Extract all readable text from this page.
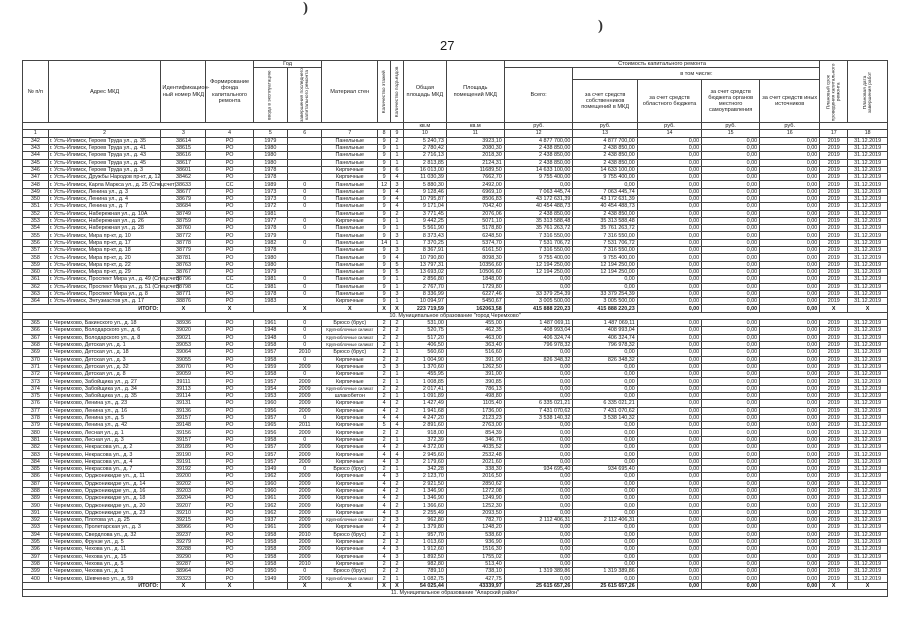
)
)
27
№ п/п	Адрес МКД	Идентификацион-ный номер МКД	Формирование фонда капитального ремонта	Год		Материал стен	Количество этажей	Количество подъездов	Общая площадь МКД	Площадь помещений МКД	Стоимость капитального ремонта					Плановый срок проведения капитального ремонта	Плановая дата завершения работ
				ввода в эксплуатацию	завершения последнего капитального ремонта						Всего:	в том числе:					
												за счет средств собственников помещений в МКД	за счет средств областного бюджета	за счет средств бюджета органов местного самоуправления	за счет средств иных источников		
									кв.м	кв.м	руб.	руб.	руб.	руб.	руб.		
1	2	3	4	5	6	7	8	9	10	11	12	13	14	15	16	17	18
342	г. Усть-Илимск, Героев Труда ул., д. 35	38614	РО	1979		Панельные	9	2	5 240,73	3923,10	4 877 700,00	4 877 700,00	0,00	0,00	0,00	2019	31.12.2019
343	г. Усть-Илимск, Героев Труда ул., д. 41	38615	РО	1980		Панельные	9	1	2 780,42	2080,30	2 438 850,00	2 438 850,00	0,00	0,00	0,00	2019	31.12.2019
344	г. Усть-Илимск, Героев Труда ул., д. 43	38616	РО	1980		Панельные	9	1	2 716,13	2018,30	2 438 850,00	2 438 850,00	0,00	0,00	0,00	2019	31.12.2019
345	г. Усть-Илимск, Героев Труда ул., д. 45	38617	РО	1980		Панельные	9	1	2 813,85	2124,31	2 438 850,00	2 438 850,00	0,00	0,00	0,00	2019	31.12.2019
346	г. Усть-Илимск, Героев Труда ул., д. 3	38601	РО	1978		Кирпичные	9	6	16 013,00	11689,50	14 633 100,00	14 633 100,00	0,00	0,00	0,00	2019	31.12.2019
347	г. Усть-Илимск, Дружбы Народов пр-кт, д. 12	38462	РО	1978		Кирпичные	9	4	11 030,39	7662,70	9 755 400,00	9 755 400,00	0,00	0,00	0,00	2019	31.12.2019
348	г. Усть-Илимск, Карла Маркса ул., д. 25 (Спецсчет)	38633	СС	1989	0	Панельные	12	3	5 880,30	2492,00	0,00	0,00	0,00	0,00	0,00	2019	31.12.2019
349	г. Усть-Илимск, Ленина ул., д. 3	38677	РО	1973	0	Панельные	9	4	9 128,46	6969,10	7 063 445,74	7 063 445,74	0,00	0,00	0,00	2019	31.12.2019
350	г. Усть-Илимск, Ленина ул., д. 4	38679	РО	1973	0	Панельные	9	4	10 795,87	8506,83	43 172 631,39	43 172 631,39	0,00	0,00	0,00	2019	31.12.2019
351	г. Усть-Илимск, Ленина ул., д. 7	38684	РО	1972	0	Панельные	9	4	9 171,04	7042,40	40 454 488,73	40 454 488,73	0,00	0,00	0,00	2019	31.12.2019
352	г. Усть-Илимск, Набережная ул., д. 10А	38749	РО	1981		Панельные	9	2	3 771,45	2076,06	2 438 850,00	2 438 850,00	0,00	0,00	0,00	2019	31.12.2019
353	г. Усть-Илимск, Набережная ул., д. 26	38759	РО	1977	0	Кирпичные	9	1	9 442,25	5071,10	35 313 588,48	35 313 588,48	0,00	0,00	0,00	2019	31.12.2019
354	г. Усть-Илимск, Набережная ул., д. 28	38760	РО	1978	0	Панельные	9	1	5 561,90	5178,80	35 761 263,72	35 761 263,72	0,00	0,00	0,00	2019	31.12.2019
355	г. Усть-Илимск, Мира пр-кт, д. 10	38772	РО	1979		Панельные	9	3	8 373,43	6248,50	7 316 550,00	7 316 550,00	0,00	0,00	0,00	2019	31.12.2019
356	г. Усть-Илимск, Мира пр-кт, д. 17	38778	РО	1982	0	Панельные	14	1	7 370,25	5374,70	7 531 706,72	7 531 706,72	0,00	0,00	0,00	2019	31.12.2019
357	г. Усть-Илимск, Мира пр-кт, д. 18	38779	РО	1978		Панельные	9	3	8 367,91	6161,50	7 316 550,00	7 316 550,00	0,00	0,00	0,00	2019	31.12.2019
358	г. Усть-Илимск, Мира пр-кт, д. 20	38781	РО	1980		Панельные	9	4	10 790,80	8098,30	9 755 400,00	9 755 400,00	0,00	0,00	0,00	2019	31.12.2019
359	г. Усть-Илимск, Мира пр-кт, д. 22	38763	РО	1980		Панельные	9	5	13 797,31	10356,60	12 194 250,00	12 194 250,00	0,00	0,00	0,00	2019	31.12.2019
360	г. Усть-Илимск, Мира пр-кт, д. 29	38767	РО	1979		Панельные	9	5	13 693,02	10506,60	12 194 250,00	12 194 250,00	0,00	0,00	0,00	2019	31.12.2019
361	г. Усть-Илимск, Проспект Мира ул., д. 49 (Спецсчет)	38796	СС	1981	0	Панельные	9	1	2 856,80	1848,00	0,00	0,00	0,00	0,00	0,00	2019	31.12.2019
362	г. Усть-Илимск, Проспект Мира ул., д. 51 (Спецсчет)	38798	СС	1981	0	Панельные	9	1	2 767,70	1729,80	0,00	0,00	0,00	0,00	0,00	2019	31.12.2019
363	г. Усть-Илимск, Проспект Мира ул., д. 8	38771	РО	1978	0	Панельные	9	3	8 336,99	6227,46	33 379 254,39	33 379 254,39	0,00	0,00	0,00	2019	31.12.2019
364	г. Усть-Илимск, Энтузиастов ул., д. 17	38876	РО	1983		Кирпичные	9	1	10 094,97	5450,67	3 005 500,00	3 005 500,00	0,00	0,00	0,00	2019	31.12.2019
ИТОГО:		X	X		X	X	X	X	223 719,59	162063,58	415 888 220,23	415 888 220,23	0,00	0,00	0,00	X	X
10. Муниципальное образование "город Черемхово"																	
365	г. Черемхово, Бакинского ул., д. 18	38936	РО	1961	0	Брюсо (брус)	2	2	531,00	455,00	1 487 069,11	1 487 069,11	0,00	0,00	0,00	2019	31.12.2019
366	г. Черемхово, Володарского ул., д. 6	39020	РО	1948	0	Крупноблочные силикат	2	2	520,75	462,35	408 993,04	408 993,04	0,00	0,00	0,00	2019	31.12.2019
367	г. Черемхово, Володарского ул., д. 8	39021	РО	1948	0	Крупноблочные силикат	2	2	517,20	463,00	406 324,74	406 324,74	0,00	0,00	0,00	2019	31.12.2019
368	г. Черемхово, Детская ул., д. 1	39053	РО	1958	0	Крупноблочные силикат	2	1	406,50	363,40	796 978,32	796 978,32	0,00	0,00	0,00	2019	31.12.2019
369	г. Черемхово, Детская ул., д. 18	39064	РО	1957	2010	Брюсо (брус)	2	1	560,60	516,60	0,00	0,00	0,00	0,00	0,00	2019	31.12.2019
370	г. Черемхово, Детская ул., д. 3	39055	РО	1958	0	Кирпичные	2	2	1 004,90	391,90	826 348,32	826 348,32	0,00	0,00	0,00	2019	31.12.2019
371	г. Черемхово, Детская ул., д. 32	39070	РО	1959	2009	Кирпичные	3	3	1 370,60	1262,50	0,00	0,00	0,00	0,00	0,00	2019	31.12.2019
372	г. Черемхово, Детская ул., д. 8	39059	РО	1958	0	Кирпичные	2	1	455,95	391,00	0,00	0,00	0,00	0,00	0,00	2019	31.12.2019
373	г. Черемхово, Забойщика ул., д. 27	39111	РО	1957	2009	Кирпичные	2	1	1 008,85	390,85	0,00	0,00	0,00	0,00	0,00	2019	31.12.2019
374	г. Черемхово, Забойщика ул., д. 34	39113	РО	1954	2009	Крупноблочные силикат	2	2	2 017,41	786,13	0,00	0,00	0,00	0,00	0,00	2019	31.12.2019
375	г. Черемхово, Забойщика ул., д. 35	39114	РО	1953	2009	шлакобетон	2	1	1 091,89	498,80	0,00	0,00	0,00	0,00	0,00	2019	31.12.2019
376	г. Черемхово, Ленина ул., д. 23	39131	РО	1960	2009	Кирпичные	4	2	1 427,49	1105,40	6 335 021,21	6 335 021,21	0,00	0,00	0,00	2019	31.12.2019
377	г. Черемхово, Ленина ул., д. 16	39136	РО	1956	2009	Кирпичные	4	2	1 941,68	1736,00	7 431 070,62	7 431 070,62	0,00	0,00	0,00	2019	31.12.2019
378	г. Черемхово, Ленина ул., д. 5	39157	РО	1957	0	Кирпичные	4	4	4 247,20	2123,23	3 538 140,32	3 538 140,32	0,00	0,00	0,00	2019	31.12.2019
379	г. Черемхово, Ленина ул., д. 42	39148	РО	1965	2011	Кирпичные	5	4	2 891,60	2763,00	0,00	0,00	0,00	0,00	0,00	2019	31.12.2019
380	г. Черемхово, Лесная ул., д. 1	39156	РО	1956	2009	Кирпичные	2	2	918,00	854,39	0,00	0,00	0,00	0,00	0,00	2019	31.12.2019
381	г. Черемхово, Лесная ул., д. 3	39157	РО	1958	0	Кирпичные	2	1	372,39	346,76	0,00	0,00	0,00	0,00	0,00	2019	31.12.2019
382	г. Черемхово, Некрасова ул., д. 2	39189	РО	1957	2009	Кирпичные	4	2	4 372,00	4035,52	0,00	0,00	0,00	0,00	0,00	2019	31.12.2019
383	г. Черемхово, Некрасова ул., д. 3	39190	РО	1957	2009	Кирпичные	4	4	2 945,60	2532,48	0,00	0,00	0,00	0,00	0,00	2019	31.12.2019
384	г. Черемхово, Некрасова ул., д. 4	39191	РО	1957	2009	Кирпичные	4	3	2 179,60	2021,60	0,00	0,00	0,00	0,00	0,00	2019	31.12.2019
385	г. Черемхово, Некрасова ул., д. 7	39192	РО	1949	0	Брюсо (брус)	2	1	342,28	338,30	934 695,40	934 695,40	0,00	0,00	0,00	2019	31.12.2019
386	г. Черемхово, Орджоникидзе ул., д. 11	39200	РО	1962	2009	Кирпичные	4	3	2 123,70	2016,50	0,00	0,00	0,00	0,00	0,00	2019	31.12.2019
387	г. Черемхово, Орджоникидзе ул., д. 14	39202	РО	1960	2009	Кирпичные	4	2	2 921,50	2850,62	0,00	0,00	0,00	0,00	0,00	2019	31.12.2019
388	г. Черемхово, Орджоникидзе ул., д. 16	39203	РО	1960	2009	Кирпичные	4	2	1 346,90	1272,08	0,00	0,00	0,00	0,00	0,00	2019	31.12.2019
389	г. Черемхово, Орджоникидзе ул., д. 18	39204	РО	1961	2009	Кирпичные	4	2	1 346,90	1249,90	0,00	0,00	0,00	0,00	0,00	2019	31.12.2019
390	г. Черемхово, Орджоникидзе ул., д. 20	39207	РО	1962	2009	Кирпичные	4	2	1 366,60	1252,30	0,00	0,00	0,00	0,00	0,00	2019	31.12.2019
391	г. Черемхово, Орджоникидзе ул., д. 23	39210	РО	1962	2009	Кирпичные	4	3	2 255,49	2093,50	0,00	0,00	0,00	0,00	0,00	2019	31.12.2019
392	г. Черемхово, Плотова ул., д. 25	39215	РО	1937	2009	Крупноблочные силикат	2	3	962,80	782,70	2 112 406,31	2 112 406,31	0,00	0,00	0,00	2019	31.12.2019
393	г. Черемхово, Пролетарская ул., д. 3	38966	РО	1961	2009	Кирпичные	4	2	1 379,80	1248,20	0,00	0,00	0,00	0,00	0,00	2019	31.12.2019
394	г. Черемхово, Свердлова ул., д. 32	39237	РО	1958	2010	Брюсо (брус)	2	1	957,70	538,60	0,00	0,00	0,00	0,00	0,00	2019	31.12.2019
395	г. Черемхово, Фрунзе ул., д. 5	39279	РО	1958	2009	Кирпичные	2	2	1 013,60	936,90	0,00	0,00	0,00	0,00	0,00	2019	31.12.2019
396	г. Черемхово, Чехова ул., д. 11	39288	РО	1958	2009	Кирпичные	4	3	1 912,60	1516,30	0,00	0,00	0,00	0,00	0,00	2019	31.12.2019
397	г. Черемхово, Чехова ул., д. 15	39290	РО	1958	2009	Кирпичные	4	3	1 892,50	1755,02	0,00	0,00	0,00	0,00	0,00	2019	31.12.2019
398	г. Черемхово, Чехова ул., д. 5	39287	РО	1958	2010	Кирпичные	2	2	982,80	513,40	0,00	0,00	0,00	0,00	0,00	2019	31.12.2019
399	г. Черемхово, Чехова ул., д. 1	38964	РО	1950	0	Брюсо (брус)	2	2	789,10	738,10	1 319 389,86	1 319 389,86	0,00	0,00	0,00	2019	31.12.2019
400	г. Черемхово, Шевченко ул., д. 59	39323	РО	1949	2009	Крупноблочные силикат	2	1	1 082,75	427,75	0,00	0,00	0,00	0,00	0,00	2019	31.12.2019
ИТОГО:		X	X		X	X	X	X	54 025,44	43339,97	25 615 657,26	25 615 657,26	0,00	0,00	0,00	X	X
11. Муниципальное образование "Аларский район"																	
